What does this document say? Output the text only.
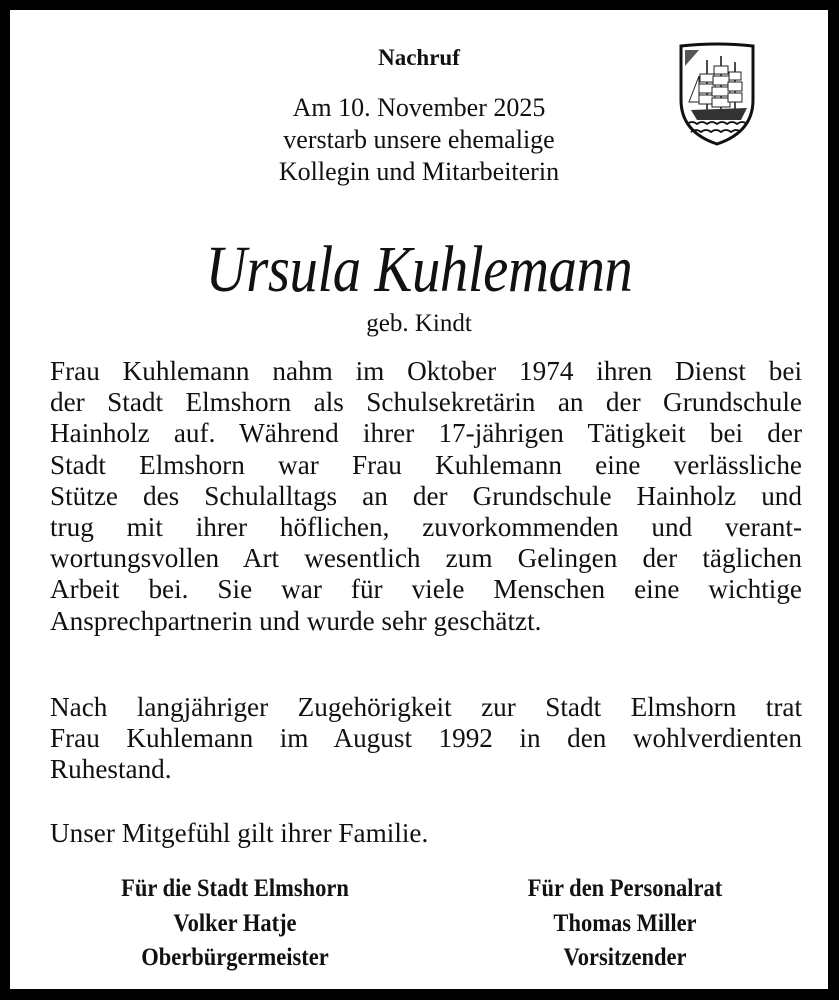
Nachruf
Am 10. November 2025
verstarb unsere ehemalige
Kollegin und Mitarbeiterin
Ursula Kuhlemann
geb. Kindt
Frau Kuhlemann nahm im Oktober 1974 ihren Dienst bei
der Stadt Elmshorn als Schulsekretärin an der Grundschule
Hainholz auf. Während ihrer 17-jährigen Tätigkeit bei der
Stadt Elmshorn war Frau Kuhlemann eine verlässliche
Stütze des Schulalltags an der Grundschule Hainholz und
trug mit ihrer höflichen, zuvorkommenden und verant-
wortungsvollen Art wesentlich zum Gelingen der täglichen
Arbeit bei. Sie war für viele Menschen eine wichtige
Ansprechpartnerin und wurde sehr geschätzt.
Nach langjähriger Zugehörigkeit zur Stadt Elmshorn trat
Frau Kuhlemann im August 1992 in den wohlverdienten
Ruhestand.
Unser Mitgefühl gilt ihrer Familie.
Für die Stadt Elmshorn
Volker Hatje
Oberbürgermeister
Für den Personalrat
Thomas Miller
Vorsitzender
